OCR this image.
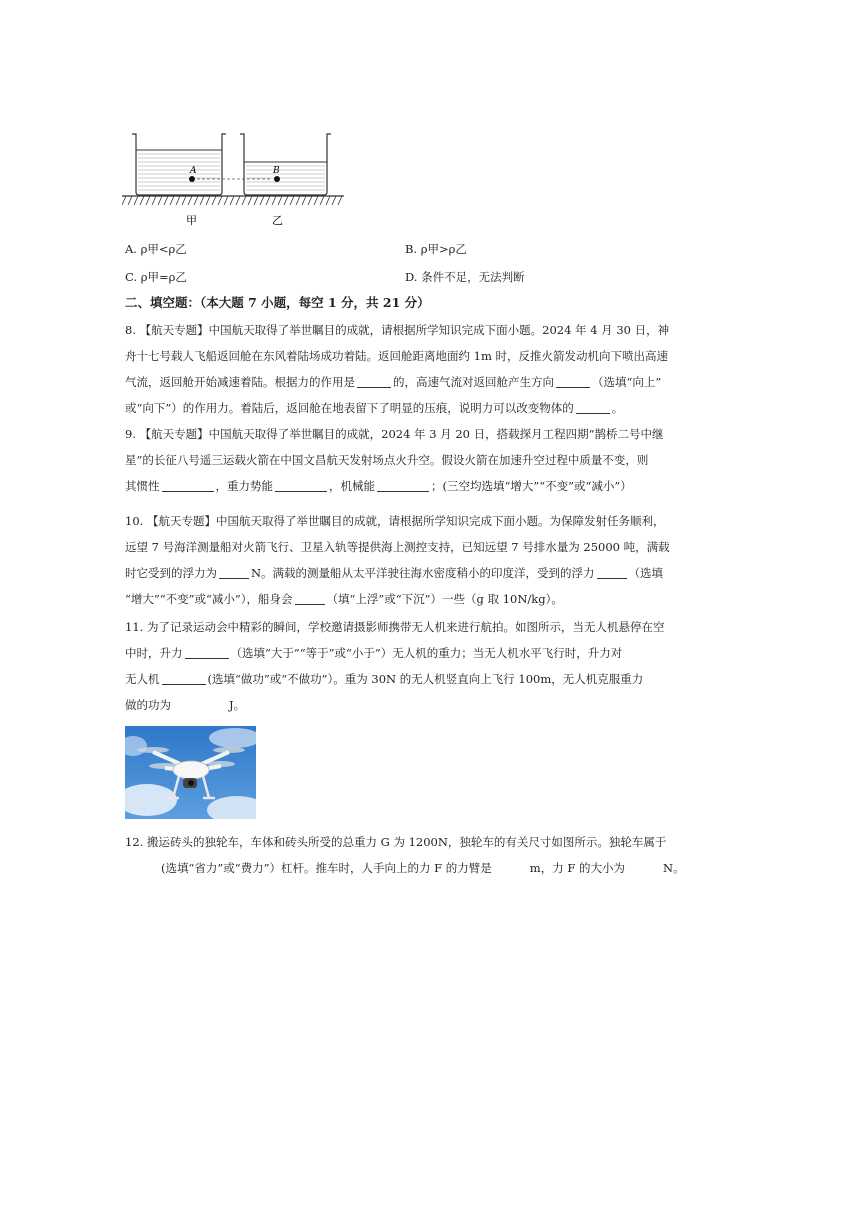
A	B
甲	乙
A. ρ甲<ρ乙	B. ρ甲>ρ乙
C. ρ甲=ρ乙	D. 条件不足，无法判断
二、填空题：（本大题 7 小题，每空 1 分，共 21 分）
8. 【航天专题】中国航天取得了举世瞩目的成就，请根据所学知识完成下面小题。2024 年 4 月 30 日，神
舟十七号载人飞船返回舱在东风着陆场成功着陆。返回舱距离地面约 1m 时，反推火箭发动机向下喷出高速
气流，返回舱开始减速着陆。根据力的作用是	的，高速气流对返回舱产生方向	（选填“向上”
或“向下”）的作用力。着陆后，返回舱在地表留下了明显的压痕，说明力可以改变物体的	。
9. 【航天专题】中国航天取得了举世瞩目的成就，2024 年 3 月 20 日，搭载探月工程四期“鹊桥二号中继
星”的长征八号遥三运载火箭在中国文昌航天发射场点火升空。假设火箭在加速升空过程中质量不变，则
其惯性	，重力势能	，机械能	；(三空均选填“增大”“不变”或“减小”）
10. 【航天专题】中国航天取得了举世瞩目的成就，请根据所学知识完成下面小题。为保障发射任务顺利，
远望 7 号海洋测量船对火箭飞行、卫星入轨等提供海上测控支持，已知远望 7 号排水量为 25000 吨，满载
时它受到的浮力为	N。满载的测量船从太平洋驶往海水密度稍小的印度洋，受到的浮力	（选填
“增大”“不变”或“减小”），船身会	（填“上浮”或“下沉”）一些（g 取 10N/kg）。
11. 为了记录运动会中精彩的瞬间，学校邀请摄影师携带无人机来进行航拍。如图所示，当无人机悬停在空
中时，升力	（选填“大于”“等于”或“小于”）无人机的重力；当无人机水平飞行时，升力对
无人机	(选填“做功”或“不做功”）。重为 30N 的无人机竖直向上飞行 100m，无人机克服重力
做的功为	J。
12. 搬运砖头的独轮车，车体和砖头所受的总重力 G 为 1200N，独轮车的有关尺寸如图所示。独轮车属于
(选填“省力”或“费力”）杠杆。推车时，人手向上的力 F 的力臂是	m，力 F 的大小为	N。
